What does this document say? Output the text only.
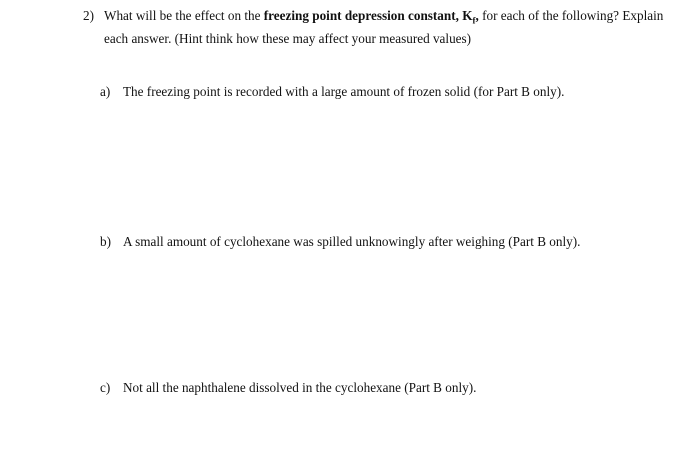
2) What will be the effect on the freezing point depression constant, $K_f$, for each of the following? Explain each answer. (Hint think how these may affect your measured values)
a) The freezing point is recorded with a large amount of frozen solid (for Part B only).
b) A small amount of cyclohexane was spilled unknowingly after weighing (Part B only).
c) Not all the naphthalene dissolved in the cyclohexane (Part B only).
